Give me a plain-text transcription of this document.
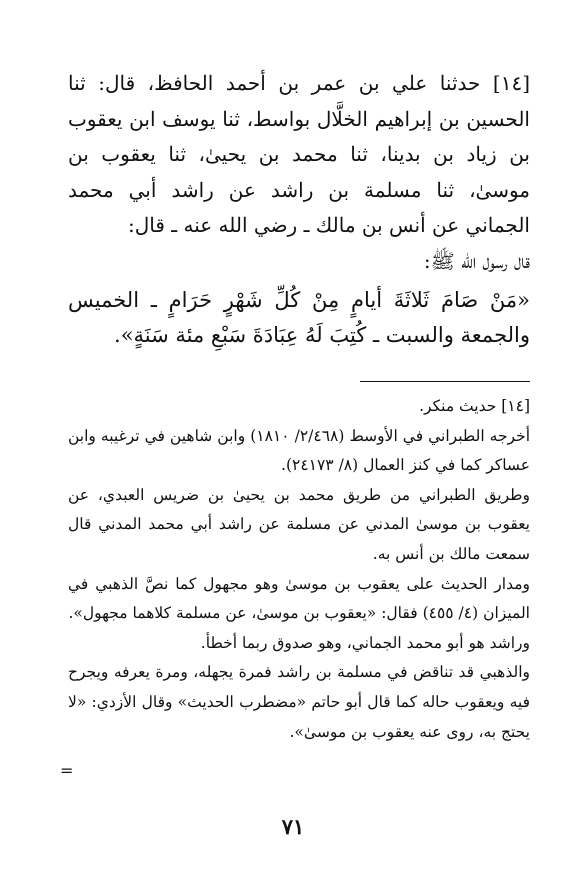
[١٤] حدثنا علي بن عمر بن أحمد الحافظ، قال: ثنا الحسين بن إبراهيم الخلَّال بواسط، ثنا يوسف ابن يعقوب بن زياد بن بدينا، ثنا محمد بن يحيىٰ، ثنا يعقوب بن موسىٰ، ثنا مسلمة بن راشد عن راشد أبي محمد الجماني عن أنس بن مالك ـ رضي الله عنه ـ قال:

قال رسول الله ﷺ:

«مَنْ صَامَ ثَلاثَةَ أيامٍ مِنْ كُلِّ شَهْرٍ حَرَامٍ ـ الخميس والجمعة والسبت ـ كُتِبَ لَهُ عِبَادَةَ سَبْعِ مئة سَنَةٍ».

[١٤] حديث منكر.

أخرجه الطبراني في الأوسط (٢/٤٦٨/ ١٨١٠) وابن شاهين في ترغيبه وابن عساكر كما في كنز العمال (٨/ ٢٤١٧٣).

وطريق الطبراني من طريق محمد بن يحيىٰ بن ضريس العبدي، عن يعقوب بن موسىٰ المدني عن مسلمة عن راشد أبي محمد المدني قال سمعت مالك بن أنس به.

ومدار الحديث على يعقوب بن موسىٰ وهو مجهول كما نصَّ الذهبي في الميزان (٤/ ٤٥٥) فقال: «يعقوب بن موسىٰ، عن مسلمة كلاهما مجهول».

وراشد هو أبو محمد الجماني، وهو صدوق ربما أخطأ.

والذهبي قد تناقض في مسلمة بن راشد فمرة يجهله، ومرة يعرفه ويجرح فيه ويعقوب حاله كما قال أبو حاتم «مضطرب الحديث» وقال الأزدي: «لا يحتج به، روى عنه يعقوب بن موسىٰ».

=
٧١
